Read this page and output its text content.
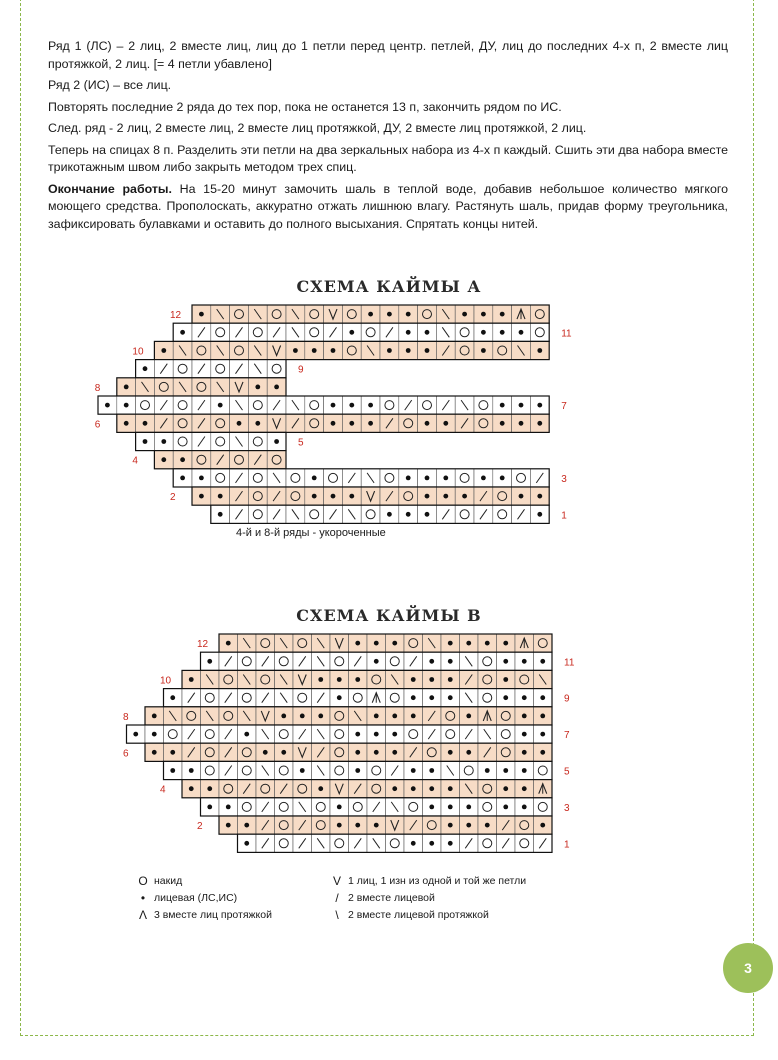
Ряд 1 (ЛС) – 2 лиц, 2 вместе лиц, лиц до 1 петли перед центр. петлей, ДУ, лиц до последних 4-х п, 2 вместе лиц протяжкой, 2 лиц. [= 4 петли убавлено]

Ряд 2 (ИС) – все лиц.

Повторять последние 2 ряда до тех пор, пока не останется 13 п, закончить рядом по ИС.

След. ряд - 2 лиц, 2 вместе лиц, 2 вместе лиц протяжкой, ДУ, 2 вместе лиц протяжкой, 2 лиц.

Теперь на спицах 8 п. Разделить эти петли на два зеркальных набора из 4-х п каждый. Сшить эти два набора вместе трикотажным швом либо закрыть методом трех спиц.

Окончание работы. На 15-20 минут замочить шаль в теплой воде, добавив небольшое количество мягкого моющего средства. Прополоскать, аккуратно отжать лишнюю влагу. Растянуть шаль, придав форму треугольника, зафиксировать булавками и оставить до полного высыхания. Спрятать концы нитей.

СХЕМА КАЙМЫ А
12
11
10
9
8
7
6
5
4
3
2
1
4-й и 8-й ряды - укороченные
СХЕМА КАЙМЫ В
12
11
10
9
8
7
6
5
4
3
2
1
O накид
• лицевая (ЛС,ИС)
Λ 3 вместе лиц протяжкой
V 1 лиц, 1 изн из одной и той же петли
/ 2 вместе лицевой
\ 2 вместе лицевой протяжкой
3
